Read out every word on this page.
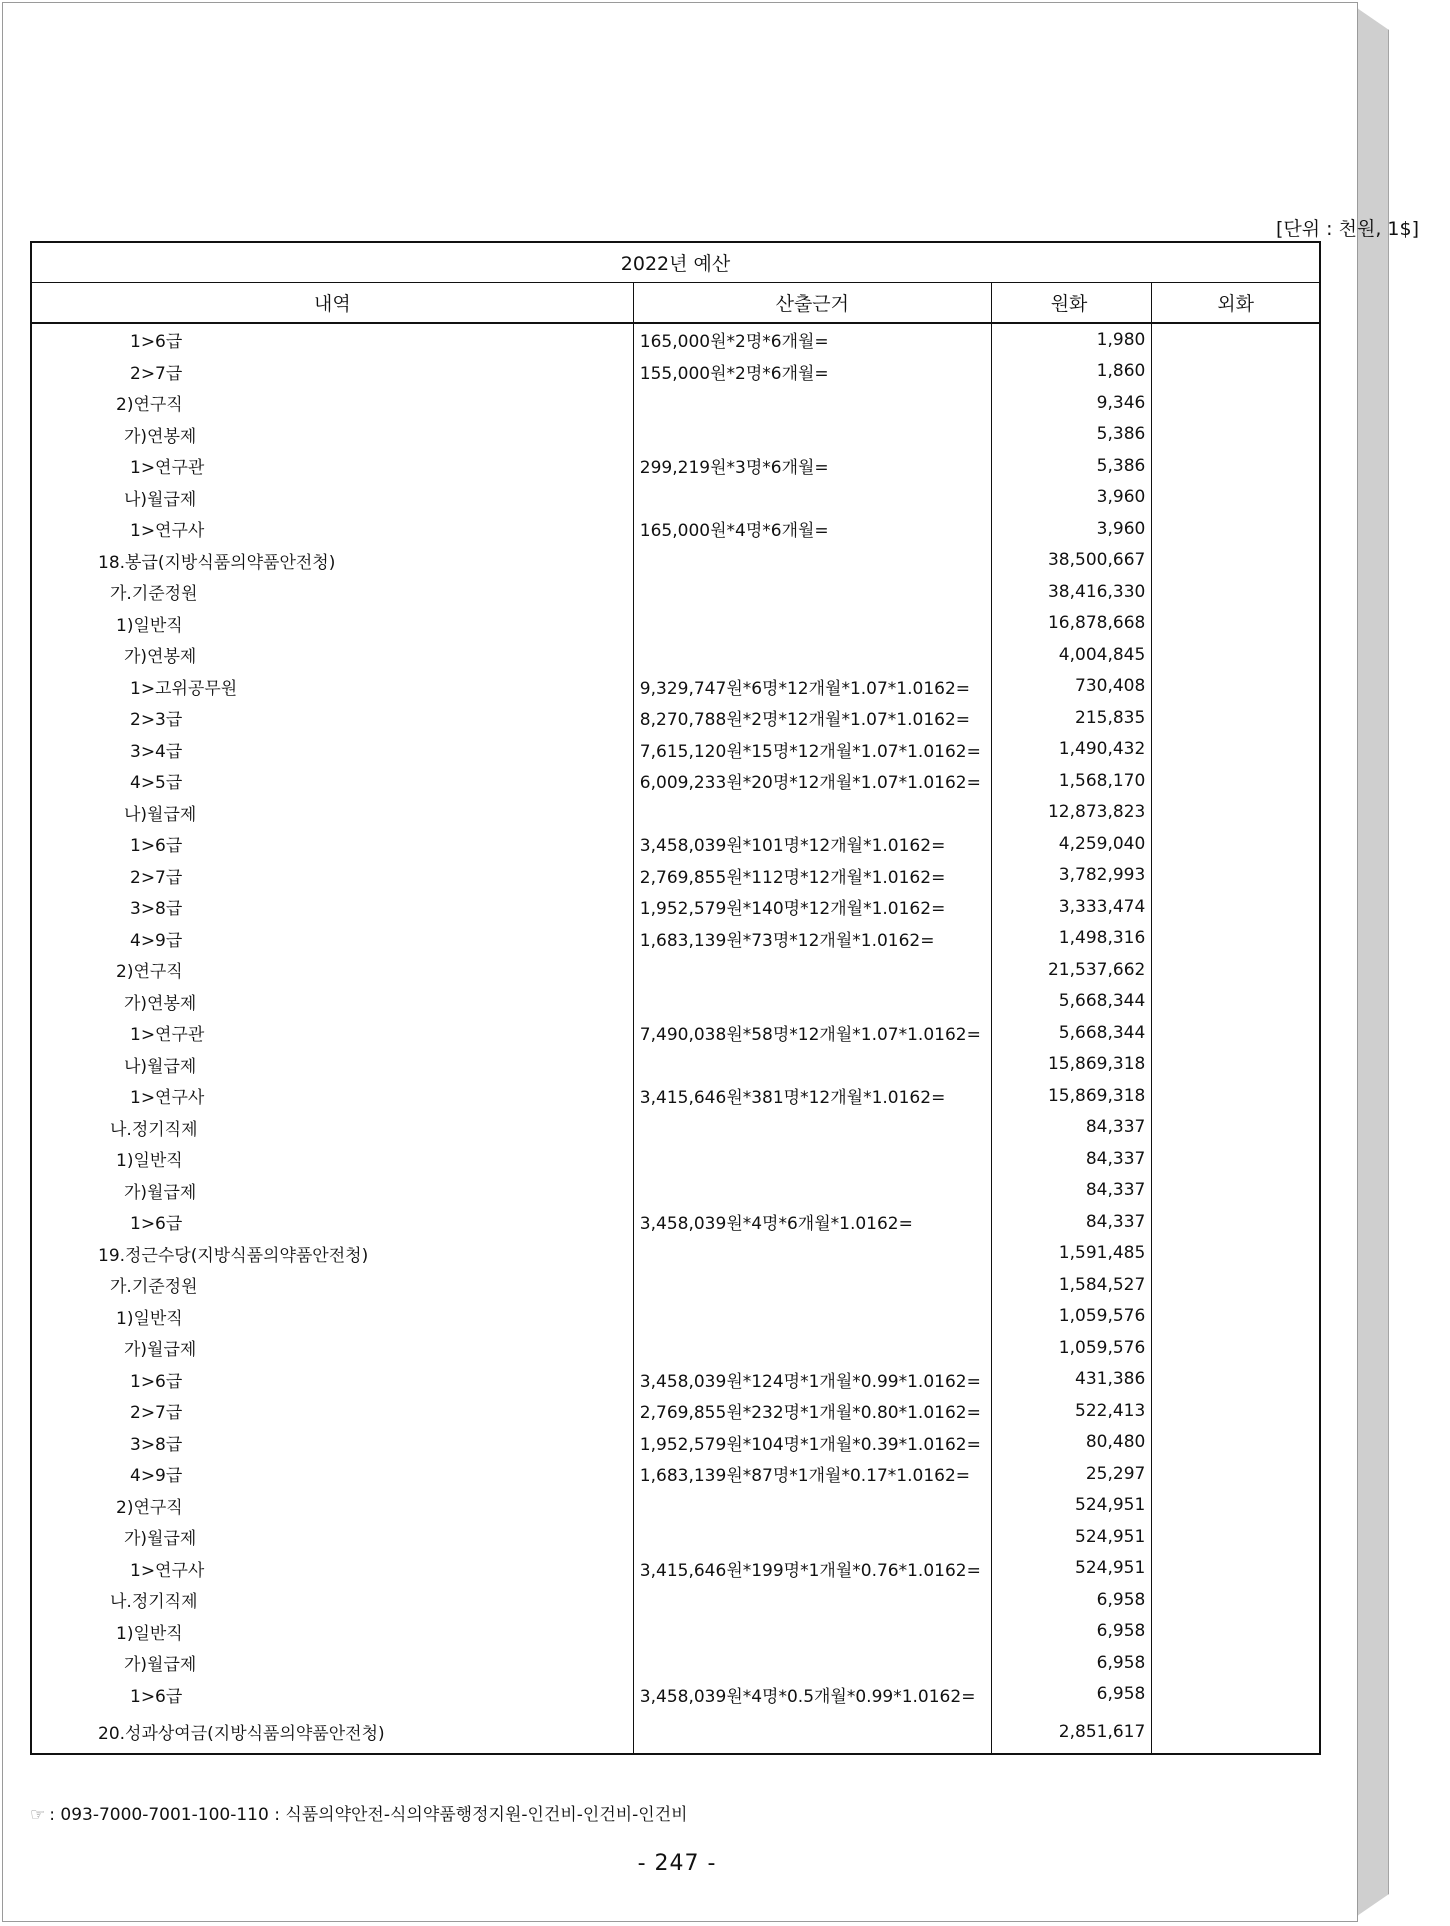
[단위 : 천원, 1$]
2022년 예산			
내역	산출근거	원화	외화
1>6급	165,000원*2명*6개월=	1,980	
2>7급	155,000원*2명*6개월=	1,860	
2)연구직		9,346	
가)연봉제		5,386	
1>연구관	299,219원*3명*6개월=	5,386	
나)월급제		3,960	
1>연구사	165,000원*4명*6개월=	3,960	
18.봉급(지방식품의약품안전청)		38,500,667	
가.기준정원		38,416,330	
1)일반직		16,878,668	
가)연봉제		4,004,845	
1>고위공무원	9,329,747원*6명*12개월*1.07*1.0162=	730,408	
2>3급	8,270,788원*2명*12개월*1.07*1.0162=	215,835	
3>4급	7,615,120원*15명*12개월*1.07*1.0162=	1,490,432	
4>5급	6,009,233원*20명*12개월*1.07*1.0162=	1,568,170	
나)월급제		12,873,823	
1>6급	3,458,039원*101명*12개월*1.0162=	4,259,040	
2>7급	2,769,855원*112명*12개월*1.0162=	3,782,993	
3>8급	1,952,579원*140명*12개월*1.0162=	3,333,474	
4>9급	1,683,139원*73명*12개월*1.0162=	1,498,316	
2)연구직		21,537,662	
가)연봉제		5,668,344	
1>연구관	7,490,038원*58명*12개월*1.07*1.0162=	5,668,344	
나)월급제		15,869,318	
1>연구사	3,415,646원*381명*12개월*1.0162=	15,869,318	
나.정기직제		84,337	
1)일반직		84,337	
가)월급제		84,337	
1>6급	3,458,039원*4명*6개월*1.0162=	84,337	
19.정근수당(지방식품의약품안전청)		1,591,485	
가.기준정원		1,584,527	
1)일반직		1,059,576	
가)월급제		1,059,576	
1>6급	3,458,039원*124명*1개월*0.99*1.0162=	431,386	
2>7급	2,769,855원*232명*1개월*0.80*1.0162=	522,413	
3>8급	1,952,579원*104명*1개월*0.39*1.0162=	80,480	
4>9급	1,683,139원*87명*1개월*0.17*1.0162=	25,297	
2)연구직		524,951	
가)월급제		524,951	
1>연구사	3,415,646원*199명*1개월*0.76*1.0162=	524,951	
나.정기직제		6,958	
1)일반직		6,958	
가)월급제		6,958	
1>6급	3,458,039원*4명*0.5개월*0.99*1.0162=	6,958	
20.성과상여금(지방식품의약품안전청)		2,851,617	
☞ : 093-7000-7001-100-110 : 식품의약안전-식의약품행정지원-인건비-인건비-인건비
- 247 -
